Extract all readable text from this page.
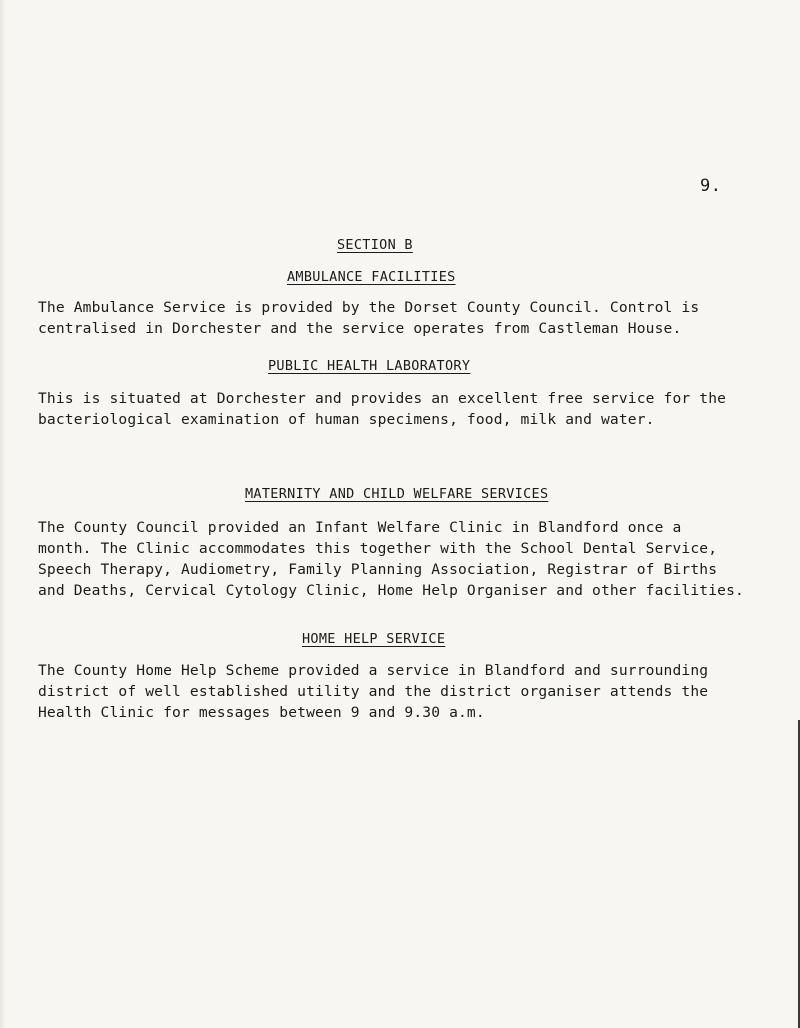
9.
SECTION B
AMBULANCE FACILITIES
The Ambulance Service is provided by the Dorset County Council. Control is
centralised in Dorchester and the service operates from Castleman House.
PUBLIC HEALTH LABORATORY
This is situated at Dorchester and provides an excellent free service for the
bacteriological examination of human specimens, food, milk and water.
MATERNITY AND CHILD WELFARE SERVICES
The County Council provided an Infant Welfare Clinic in Blandford once a
month. The Clinic accommodates this together with the School Dental Service,
Speech Therapy, Audiometry, Family Planning Association, Registrar of Births
and Deaths, Cervical Cytology Clinic, Home Help Organiser and other facilities.
HOME HELP SERVICE
The County Home Help Scheme provided a service in Blandford and surrounding
district of well established utility and the district organiser attends the
Health Clinic for messages between 9 and 9.30 a.m.
